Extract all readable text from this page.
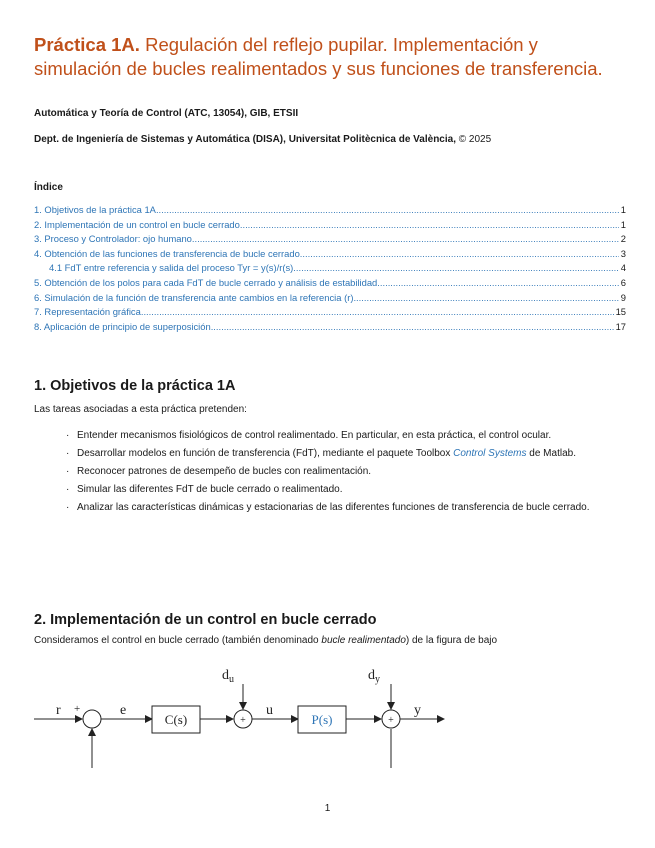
Práctica 1A. Regulación del reflejo pupilar. Implementación y simulación de bucles realimentados y sus funciones de transferencia.
Automática y Teoría de Control (ATC, 13054), GIB, ETSII
Dept. de Ingeniería de Sistemas y Automática (DISA), Universitat Politècnica de València, © 2025
Índice
1. Objetivos de la práctica 1A .....	1
2. Implementación de un control en bucle cerrado .....	1
3. Proceso y Controlador: ojo humano .....	2
4. Obtención de las funciones de transferencia de bucle cerrado .....	3
4.1 FdT entre referencia y salida del proceso Tyr = y(s)/r(s) .....	4
5. Obtención de los polos para cada FdT de bucle cerrado y análisis de estabilidad .....	6
6. Simulación de la función de transferencia ante cambios en la referencia (r) .....	9
7. Representación gráfica .....	15
8. Aplicación de principio de superposición .....	17
1. Objetivos de la práctica 1A
Las tareas asociadas a esta práctica pretenden:
· Entender mecanismos fisiológicos de control realimentado. En particular, en esta práctica, el control ocular.
· Desarrollar modelos en función de transferencia (FdT), mediante el paquete Toolbox Control Systems de Matlab.
· Reconocer patrones de desempeño de bucles con realimentación.
· Simular las diferentes FdT de bucle cerrado o realimentado.
· Analizar las características dinámicas y estacionarias de las diferentes funciones de transferencia de bucle cerrado.
2. Implementación de un control en bucle cerrado
Consideramos el control en bucle cerrado (también denominado bucle realimentado) de la figura de bajo
r +	e
C(s)	+
$d_u$
u
P(s)	+
$d_y$
y
1
